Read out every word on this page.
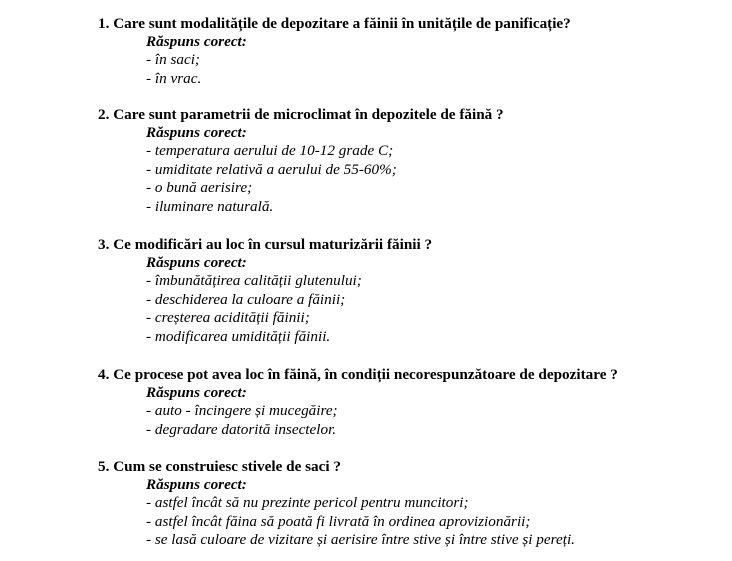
1. Care sunt modalitățile de depozitare a făinii în unitățile de panificație?
Răspuns corect:
- în saci;
- în vrac.
2. Care sunt parametrii de microclimat în depozitele de făină ?
Răspuns corect:
- temperatura aerului de 10-12 grade C;
- umiditate relativă a aerului de 55-60%;
- o bună aerisire;
- iluminare naturală.
3. Ce modificări au loc în cursul maturizării făinii ?
Răspuns corect:
- îmbunătățirea calității glutenului;
- deschiderea la culoare a făinii;
- creșterea acidității făinii;
- modificarea umidității făinii.
4. Ce procese pot avea loc în făină, în condiții necorespunzătoare de depozitare ?
Răspuns corect:
- auto - încingere și mucegăire;
- degradare datorită insectelor.
5. Cum se construiesc stivele de saci ?
Răspuns corect:
- astfel încât să nu prezinte pericol pentru muncitori;
- astfel încât făina să poată fi livrată în ordinea aprovizionării;
- se lasă culoare de vizitare și aerisire între stive și între stive și pereți.
